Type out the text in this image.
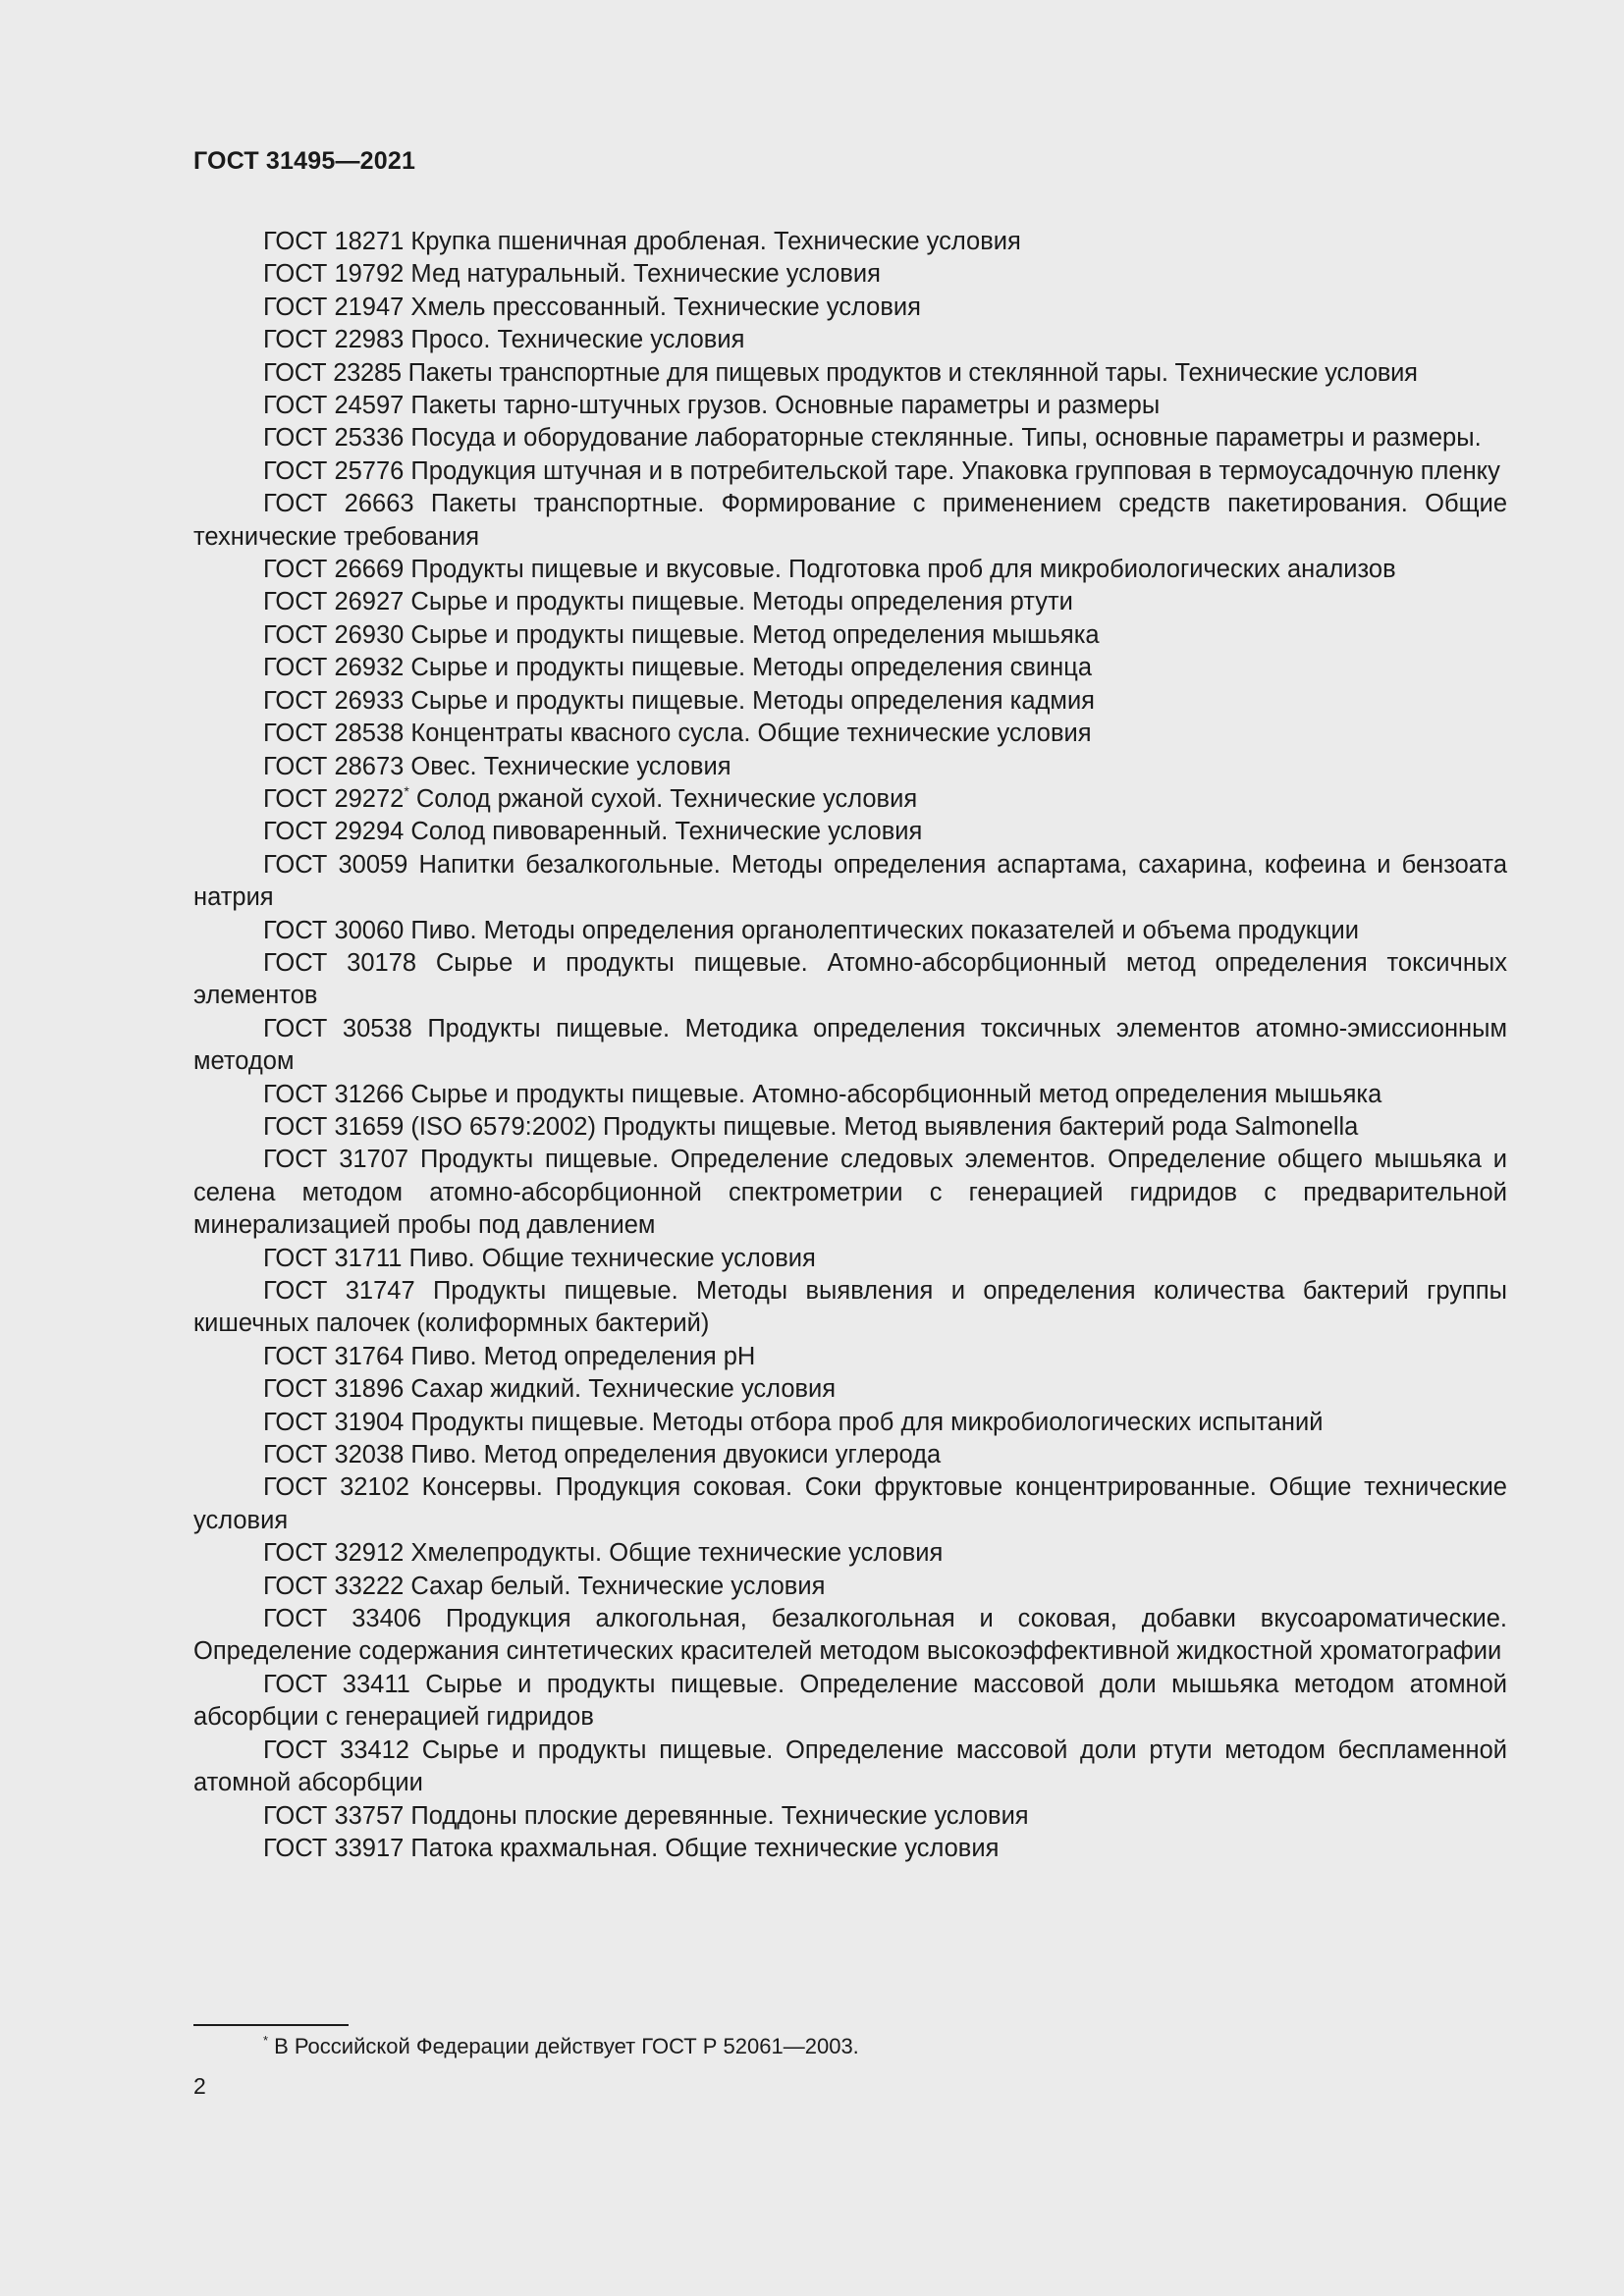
ГОСТ 31495—2021

ГОСТ 18271 Крупка пшеничная дробленая. Технические условия

ГОСТ 19792 Мед натуральный. Технические условия

ГОСТ 21947 Хмель прессованный. Технические условия

ГОСТ 22983 Просо. Технические условия

ГОСТ 23285 Пакеты транспортные для пищевых продуктов и стеклянной тары. Технические условия

ГОСТ 24597 Пакеты тарно-штучных грузов. Основные параметры и размеры

ГОСТ 25336 Посуда и оборудование лабораторные стеклянные. Типы, основные параметры и размеры.

ГОСТ 25776 Продукция штучная и в потребительской таре. Упаковка групповая в термоусадочную пленку

ГОСТ 26663 Пакеты транспортные. Формирование с применением средств пакетирования. Общие технические требования

ГОСТ 26669 Продукты пищевые и вкусовые. Подготовка проб для микробиологических анализов

ГОСТ 26927 Сырье и продукты пищевые. Методы определения ртути

ГОСТ 26930 Сырье и продукты пищевые. Метод определения мышьяка

ГОСТ 26932 Сырье и продукты пищевые. Методы определения свинца

ГОСТ 26933 Сырье и продукты пищевые. Методы определения кадмия

ГОСТ 28538 Концентраты квасного сусла. Общие технические условия

ГОСТ 28673 Овес. Технические условия

ГОСТ 29272* Солод ржаной сухой. Технические условия

ГОСТ 29294 Солод пивоваренный. Технические условия

ГОСТ 30059 Напитки безалкогольные. Методы определения аспартама, сахарина, кофеина и бензоата натрия

ГОСТ 30060 Пиво. Методы определения органолептических показателей и объема продукции

ГОСТ 30178 Сырье и продукты пищевые. Атомно-абсорбционный метод определения токсичных элементов

ГОСТ 30538 Продукты пищевые. Методика определения токсичных элементов атомно-эмиссионным методом

ГОСТ 31266 Сырье и продукты пищевые. Атомно-абсорбционный метод определения мышьяка

ГОСТ 31659 (ISO 6579:2002) Продукты пищевые. Метод выявления бактерий рода Salmonella

ГОСТ 31707 Продукты пищевые. Определение следовых элементов. Определение общего мышьяка и селена методом атомно-абсорбционной спектрометрии с генерацией гидридов с предварительной минерализацией пробы под давлением

ГОСТ 31711 Пиво. Общие технические условия

ГОСТ 31747 Продукты пищевые. Методы выявления и определения количества бактерий группы кишечных палочек (колиформных бактерий)

ГОСТ 31764 Пиво. Метод определения pH

ГОСТ 31896 Сахар жидкий. Технические условия

ГОСТ 31904 Продукты пищевые. Методы отбора проб для микробиологических испытаний

ГОСТ 32038 Пиво. Метод определения двуокиси углерода

ГОСТ 32102 Консервы. Продукция соковая. Соки фруктовые концентрированные. Общие технические условия

ГОСТ 32912 Хмелепродукты. Общие технические условия

ГОСТ 33222 Сахар белый. Технические условия

ГОСТ 33406 Продукция алкогольная, безалкогольная и соковая, добавки вкусоароматические. Определение содержания синтетических красителей методом высокоэффективной жидкостной хроматографии

ГОСТ 33411 Сырье и продукты пищевые. Определение массовой доли мышьяка методом атомной абсорбции с генерацией гидридов

ГОСТ 33412 Сырье и продукты пищевые. Определение массовой доли ртути методом беспламенной атомной абсорбции

ГОСТ 33757 Поддоны плоские деревянные. Технические условия

ГОСТ 33917 Патока крахмальная. Общие технические условия

* В Российской Федерации действует ГОСТ Р 52061—2003.
2
